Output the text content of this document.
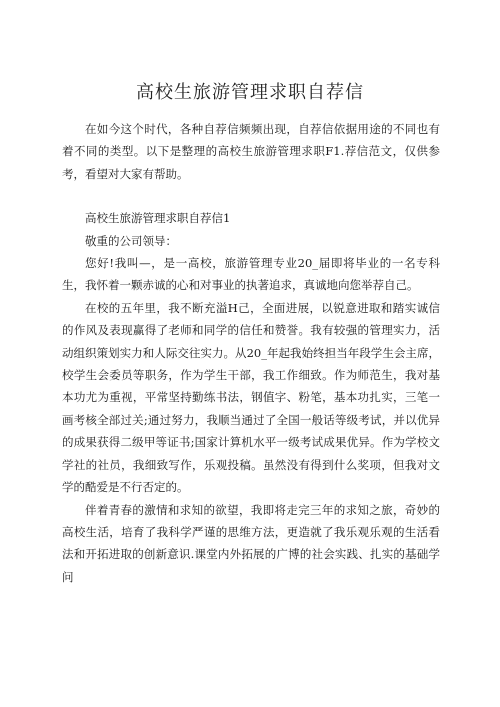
高校生旅游管理求职自荐信

在如今这个时代，各种自荐信频频出现，自荐信依据用途的不同也有着不同的类型。以下是整理的高校生旅游管理求职F1.荐信范文，仅供参考，看望对大家有帮助。

高校生旅游管理求职自荐信1

敬重的公司领导：

您好!我叫—，是一高校，旅游管理专业20_届即将毕业的一名专科生，我怀着一颗赤诚的心和对事业的执著追求，真诚地向您举荐自己。

在校的五年里，我不断充溢H己，全面进展，以锐意进取和踏实诚信的作风及表现赢得了老师和同学的信任和赞誉。我有较强的管理实力，活动组织策划实力和人际交往实力。从20_年起我始终担当年段学生会主席，校学生会委员等职务，作为学生干部，我工作细致。作为师范生，我对基本功尤为重视，平常坚持勤练书法，钢值字、粉笔，基本功扎实，三笔一画考核全部过关;通过努力，我顺当通过了全国一般话等级考试，并以优异的成果获得二级甲等证书;国家计算机水平一级考试成果优异。作为学校文学社的社员，我细致写作，乐观投稿。虽然没有得到什么奖项，但我对文学的酷爱是不行否定的。

伴着青春的激情和求知的欲望，我即将走完三年的求知之旅，奇妙的高校生活，培育了我科学严谨的思维方法，更造就了我乐观乐观的生活看法和开拓进取的创新意识.课堂内外拓展的广博的社会实践、扎实的基础学问
